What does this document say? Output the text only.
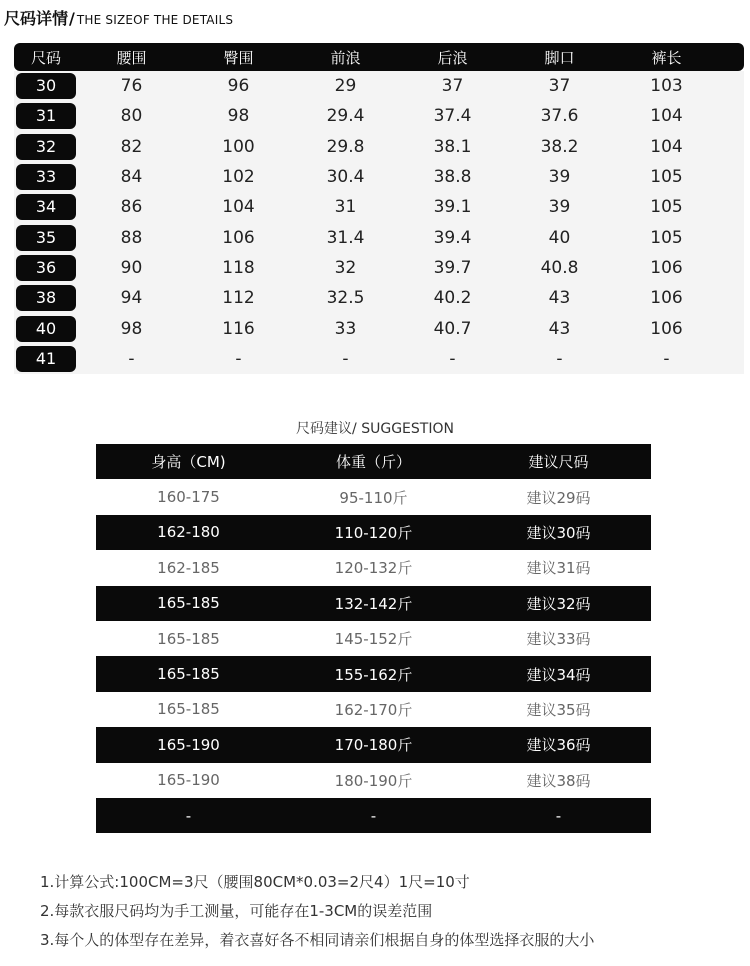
尺码详情 / THE SIZEOF THE DETAILS
尺码	腰围	臀围	前浪	后浪	脚口	裤长
30	76	96	29	37	37	103
31	80	98	29.4	37.4	37.6	104
32	82	100	29.8	38.1	38.2	104
33	84	102	30.4	38.8	39	105
34	86	104	31	39.1	39	105
35	88	106	31.4	39.4	40	105
36	90	118	32	39.7	40.8	106
38	94	112	32.5	40.2	43	106
40	98	116	33	40.7	43	106
41	-	-	-	-	-	-
尺码建议/ SUGGESTION
身高（CM)	体重（斤）	建议尺码
160-175	95-110斤	建议29码
162-180	110-120斤	建议30码
162-185	120-132斤	建议31码
165-185	132-142斤	建议32码
165-185	145-152斤	建议33码
165-185	155-162斤	建议34码
165-185	162-170斤	建议35码
165-190	170-180斤	建议36码
165-190	180-190斤	建议38码
-	-	-
1.计算公式:100CM=3尺（腰围80CM*0.03=2尺4）1尺=10寸
2.每款衣服尺码均为手工测量，可能存在1-3CM的误差范围
3.每个人的体型存在差异，着衣喜好各不相同请亲们根据自身的体型选择衣服的大小
